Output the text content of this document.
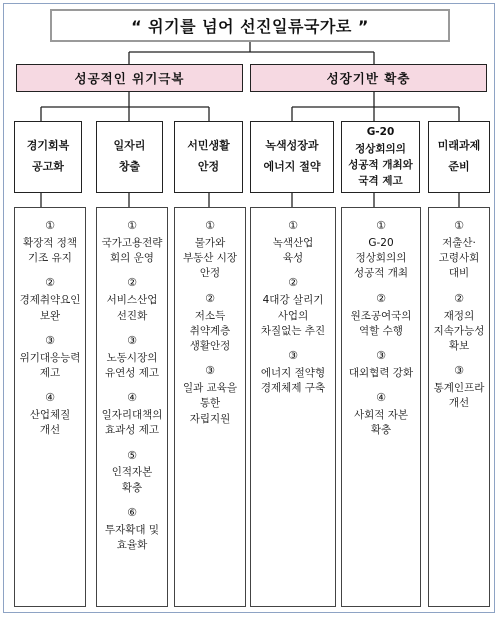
“ 위기를 넘어 선진일류국가로 ”
성공적인 위기극복	성장기반 확충
경기회복
공고화
일자리
창출
서민생활
안정
녹색성장과
에너지 절약
G-20
정상회의의
성공적 개최와
국격 제고
미래과제
준비
①
확장적 정책
기조 유지
②
경제취약요인
보완
③
위기대응능력
제고
④
산업체질
개선
①
국가고용전략
회의 운영
②
서비스산업
선진화
③
노동시장의
유연성 제고
④
일자리대책의
효과성 제고
⑤
인적자본
확충
⑥
투자확대 및
효율화
①
물가와
부동산 시장
안정
②
저소득
취약계층
생활안정
③
일과 교육을
통한
자립지원
①
녹색산업
육성
②
4대강 살리기
사업의
차질없는 추진
③
에너지 절약형
경제체제 구축
①
G-20
정상회의의
성공적 개최
②
원조공여국의
역할 수행
③
대외협력 강화
④
사회적 자본
확충
①
저출산·
고령사회
대비
②
재정의
지속가능성
확보
③
통계인프라
개선
